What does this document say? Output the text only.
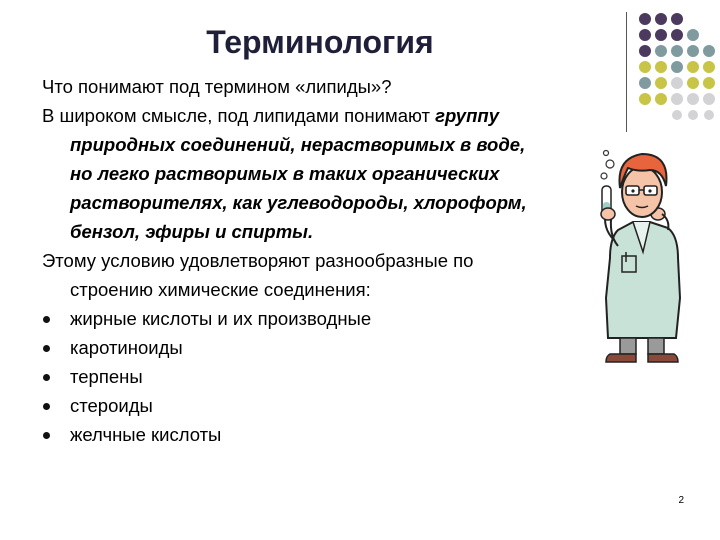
Терминология

Что понимают под термином «липиды»?

В широком смысле, под липидами понимают группу природных соединений, нерастворимых в воде, но легко растворимых в таких органических растворителях, как углеводороды, хлороформ, бензол, эфиры и спирты.

Этому условию удовлетворяют разнообразные по строению химические соединения:

жирные кислоты и их производные
каротиноиды
терпены
стероиды
желчные кислоты
2
